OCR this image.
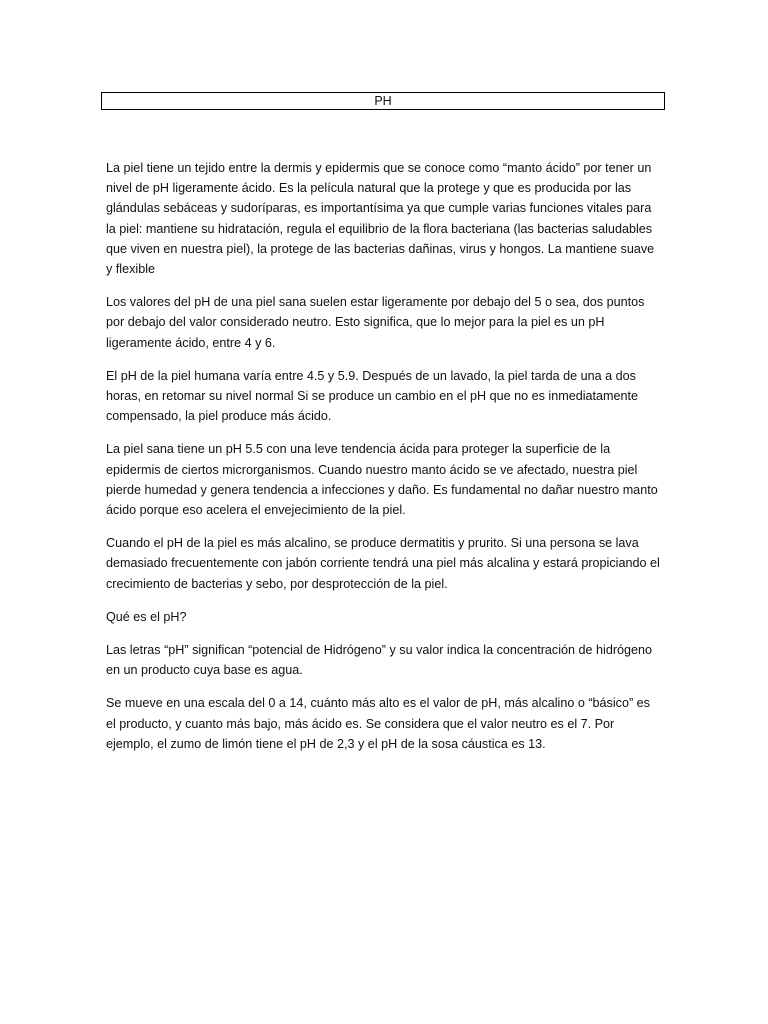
PH

La piel tiene un tejido entre la dermis y epidermis que se conoce como “manto ácido” por tener un nivel de pH ligeramente ácido. Es la película natural que la protege y que es producida por las glándulas sebáceas y sudoríparas, es importantísima ya que cumple varias funciones vitales para la piel: mantiene su hidratación, regula el equilibrio de la flora bacteriana (las bacterias saludables que viven en nuestra piel), la protege de las bacterias dañinas, virus y hongos. La mantiene suave y flexible

Los valores del pH de una piel sana suelen estar ligeramente por debajo del 5 o sea, dos puntos por debajo del valor considerado neutro. Esto significa, que lo mejor para la piel es un pH ligeramente ácido, entre 4 y 6.

El pH de la piel humana varía entre 4.5 y 5.9. Después de un lavado, la piel tarda de una a dos horas, en retomar su nivel normal Si se produce un cambio en el pH que no es inmediatamente compensado, la piel produce más ácido.

La piel sana tiene un pH 5.5 con una leve tendencia ácida para proteger la superficie de la epidermis de ciertos microrganismos. Cuando nuestro manto ácido se ve afectado, nuestra piel pierde humedad y genera tendencia a infecciones y daño. Es fundamental no dañar nuestro manto ácido porque eso acelera el envejecimiento de la piel.

Cuando el pH de la piel es más alcalino, se produce dermatitis y prurito. Si una persona se lava demasiado frecuentemente con jabón corriente tendrá una piel más alcalina y estará propiciando el crecimiento de bacterias y sebo, por desprotección de la piel.

Qué es el pH?

Las letras “pH” significan “potencial de Hidrógeno” y su valor indica la concentración de hidrógeno en un producto cuya base es agua.

Se mueve en una escala del 0 a 14, cuánto más alto es el valor de pH, más alcalino o “básico” es el producto, y cuanto más bajo, más ácido es. Se considera que el valor neutro es el 7. Por ejemplo, el zumo de limón tiene el pH de 2,3 y el pH de la sosa cáustica es 13.
